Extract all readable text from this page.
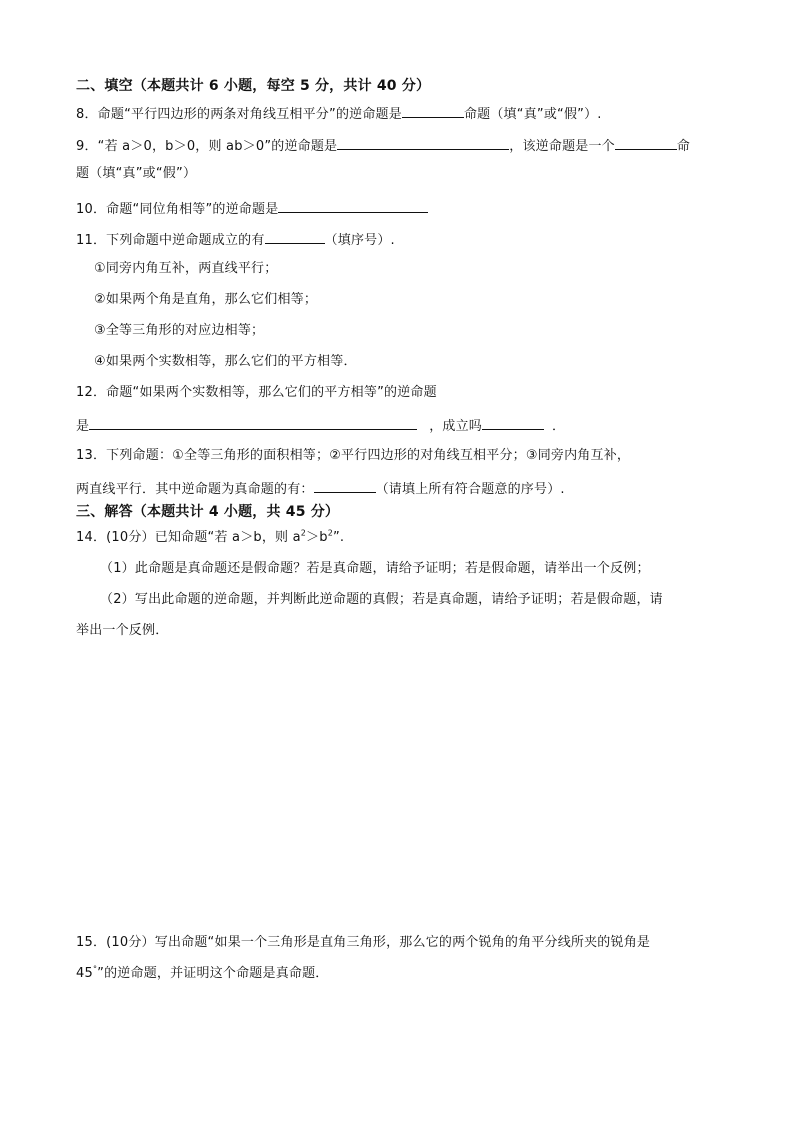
二、填空（本题共计 6 小题，每空 5 分，共计 40 分）
8．命题“平行四边形的两条对角线互相平分”的逆命题是	命题（填“真”或“假”）.
9．“若 a＞0，b＞0，则 ab＞0”的逆命题是	，该逆命题是一个	命
题（填“真”或“假”）
10．命题“同位角相等”的逆命题是
11．下列命题中逆命题成立的有	（填序号）.
①同旁内角互补，两直线平行；
②如果两个角是直角，那么它们相等；
③全等三角形的对应边相等；
④如果两个实数相等，那么它们的平方相等．
12．命题“如果两个实数相等，那么它们的平方相等”的逆命题
是	，成立吗	．
13．下列命题：①全等三角形的面积相等；②平行四边形的对角线互相平分；③同旁内角互补，
两直线平行．其中逆命题为真命题的有：	（请填上所有符合题意的序号）.
三、解答（本题共计 4 小题，共 45 分）
14．(10分）已知命题“若 a＞b，则 $a^2>b^2$”.
（1）此命题是真命题还是假命题？若是真命题，请给予证明；若是假命题，请举出一个反例；
（2）写出此命题的逆命题，并判断此逆命题的真假；若是真命题，请给予证明；若是假命题，请
举出一个反例．
15．(10分）写出命题“如果一个三角形是直角三角形，那么它的两个锐角的角平分线所夹的锐角是
45°”的逆命题，并证明这个命题是真命题．
